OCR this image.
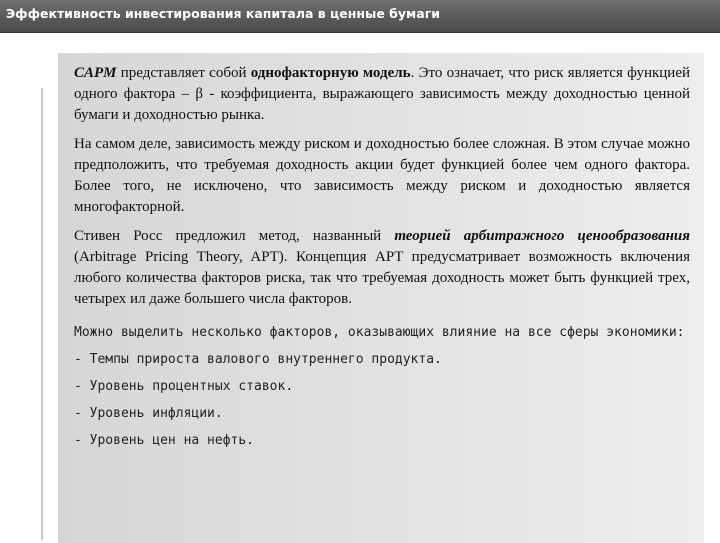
Эффективность инвестирования капитала в ценные бумаги

CAPM представляет собой однофакторную модель. Это означает, что риск является функцией одного фактора – β - коэффициента, выражающего зависимость между доходностью ценной бумаги и доходностью рынка.

На самом деле, зависимость между риском и доходностью более сложная. В этом случае можно предположить, что требуемая доходность акции будет функцией более чем одного фактора. Более того, не исключено, что зависимость между риском и доходностью является многофакторной.

Стивен Росс предложил метод, названный теорией арбитражного ценообразования (Arbitrage Pricing Theory, APT). Концепция APT предусматривает возможность включения любого количества факторов риска, так что требуемая доходность может быть функцией трех, четырех ил даже большего числа факторов.

Можно выделить несколько факторов, оказывающих влияние на все сферы экономики:

- Темпы прироста валового внутреннего продукта.

- Уровень процентных ставок.

- Уровень инфляции.

- Уровень цен на нефть.
